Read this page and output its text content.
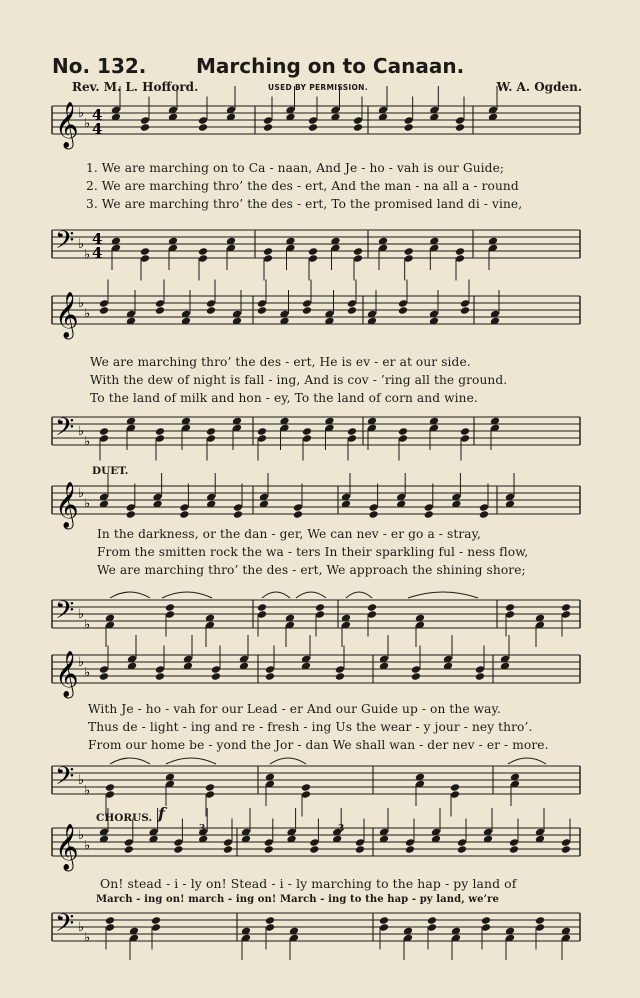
No. 132. Marching on to Canaan.
Rev. M. L. Hofford.	USED BY PERMISSION.	W. A. Ogden.
𝄞 ♭
♭ 4
4
𝄢 ♭
♭
4
4
𝄞 ♭
♭
𝄢 ♭
♭
𝄞 ♭
♭
𝄢 ♭
♭
𝄞 ♭
♭
𝄢 ♭
♭
𝄞 ♭
♭
𝄢 ♭
♭
1. We are marching on to Ca - naan, And Je - ho - vah is our Guide;
2. We are marching thro’ the des - ert, And the man - na all a - round
3. We are marching thro’ the des - ert, To the promised land di - vine,
We are marching thro’ the des - ert, He is ev - er at our side.
With the dew of night is fall - ing, And is cov - ’ring all the ground.
To the land of milk and hon - ey, To the land of corn and wine.
DUET.
In the darkness, or the dan - ger, We can nev - er go a - stray,
From the smitten rock the wa - ters In their sparkling ful - ness flow,
We are marching thro’ the des - ert, We approach the shining shore;
With Je - ho - vah for our Lead - er And our Guide up - on the way.
Thus de - light - ing and re - fresh - ing Us the wear - y jour - ney thro’.
From our home be - yond the Jor - dan We shall wan - der nev - er - more.
CHORUS. f
3	3
On! stead - i - ly on! Stead - i - ly marching to the hap - py land of
March - ing on! march - ing on! March - ing to the hap - py land, we’re
